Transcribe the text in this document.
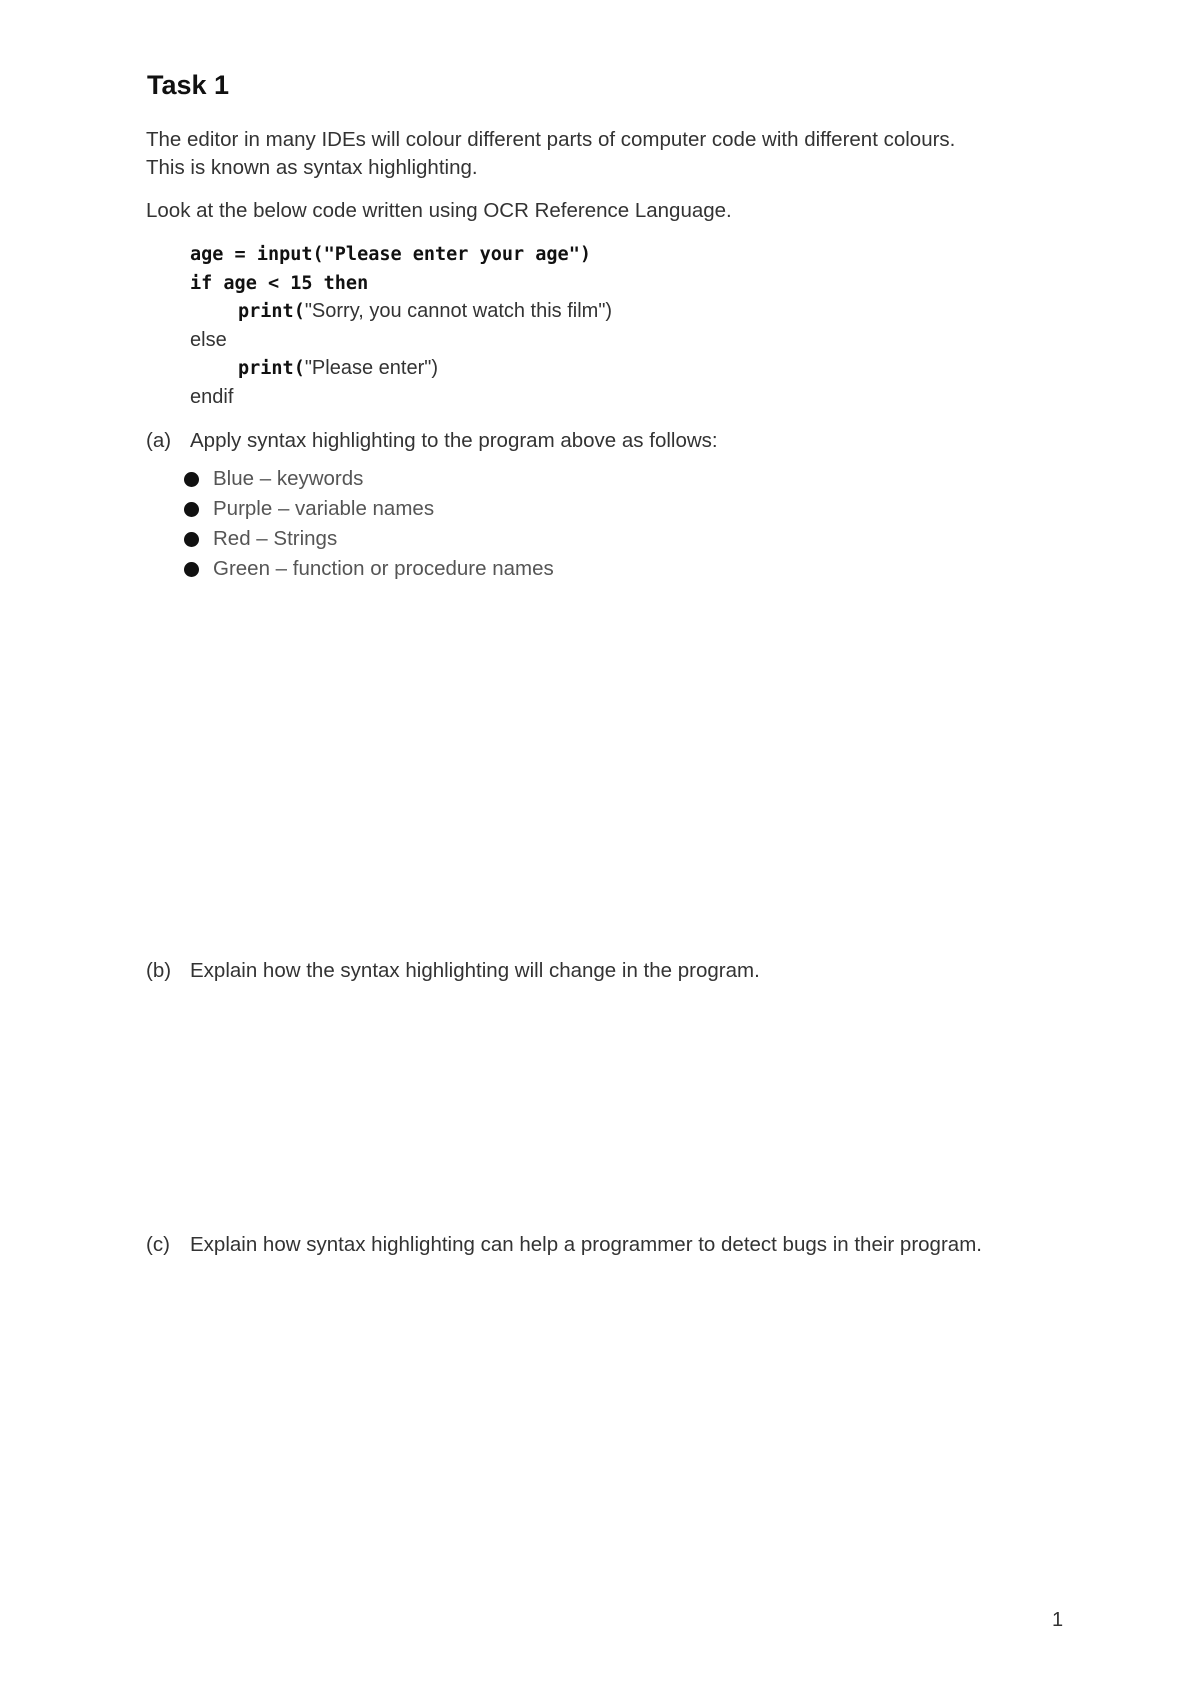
Task 1

The editor in many IDEs will colour different parts of computer code with different colours.

This is known as syntax highlighting.

Look at the below code written using OCR Reference Language.

age = input("Please enter your age")
if age < 15 then
print("Sorry, you cannot watch this film")
else
print("Please enter")
endif
(a) Apply syntax highlighting to the program above as follows:
Blue – keywords
Purple – variable names
Red – Strings
Green – function or procedure names
(b) Explain how the syntax highlighting will change in the program.
(c) Explain how syntax highlighting can help a programmer to detect bugs in their program.
1
